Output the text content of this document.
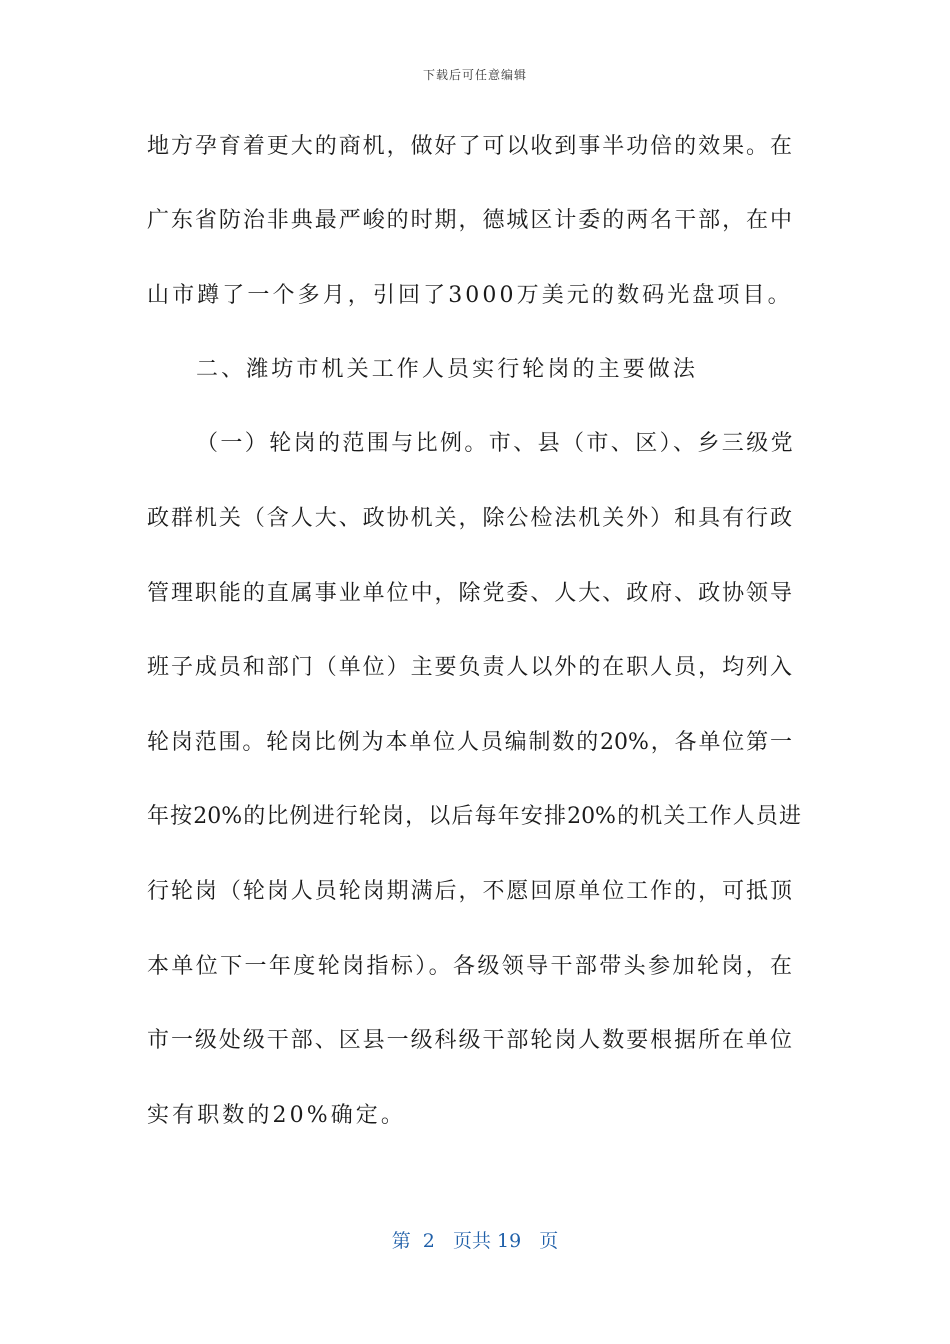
下载后可任意编辑
地方孕育着更大的商机，做好了可以收到事半功倍的效果。在
广东省防治非典最严峻的时期，德城区计委的两名干部，在中
山市蹲了一个多月，引回了3000万美元的数码光盘项目。
二、潍坊市机关工作人员实行轮岗的主要做法
（一）轮岗的范围与比例。市、县（市、区）、乡三级党
政群机关（含人大、政协机关，除公检法机关外）和具有行政
管理职能的直属事业单位中，除党委、人大、政府、政协领导
班子成员和部门（单位）主要负责人以外的在职人员，均列入
轮岗范围。轮岗比例为本单位人员编制数的20%，各单位第一
年按20%的比例进行轮岗，以后每年安排20%的机关工作人员进
行轮岗（轮岗人员轮岗期满后，不愿回原单位工作的，可抵顶
本单位下一年度轮岗指标）。各级领导干部带头参加轮岗，在
市一级处级干部、区县一级科级干部轮岗人数要根据所在单位
实有职数的20%确定。
第  2   页共 19   页
